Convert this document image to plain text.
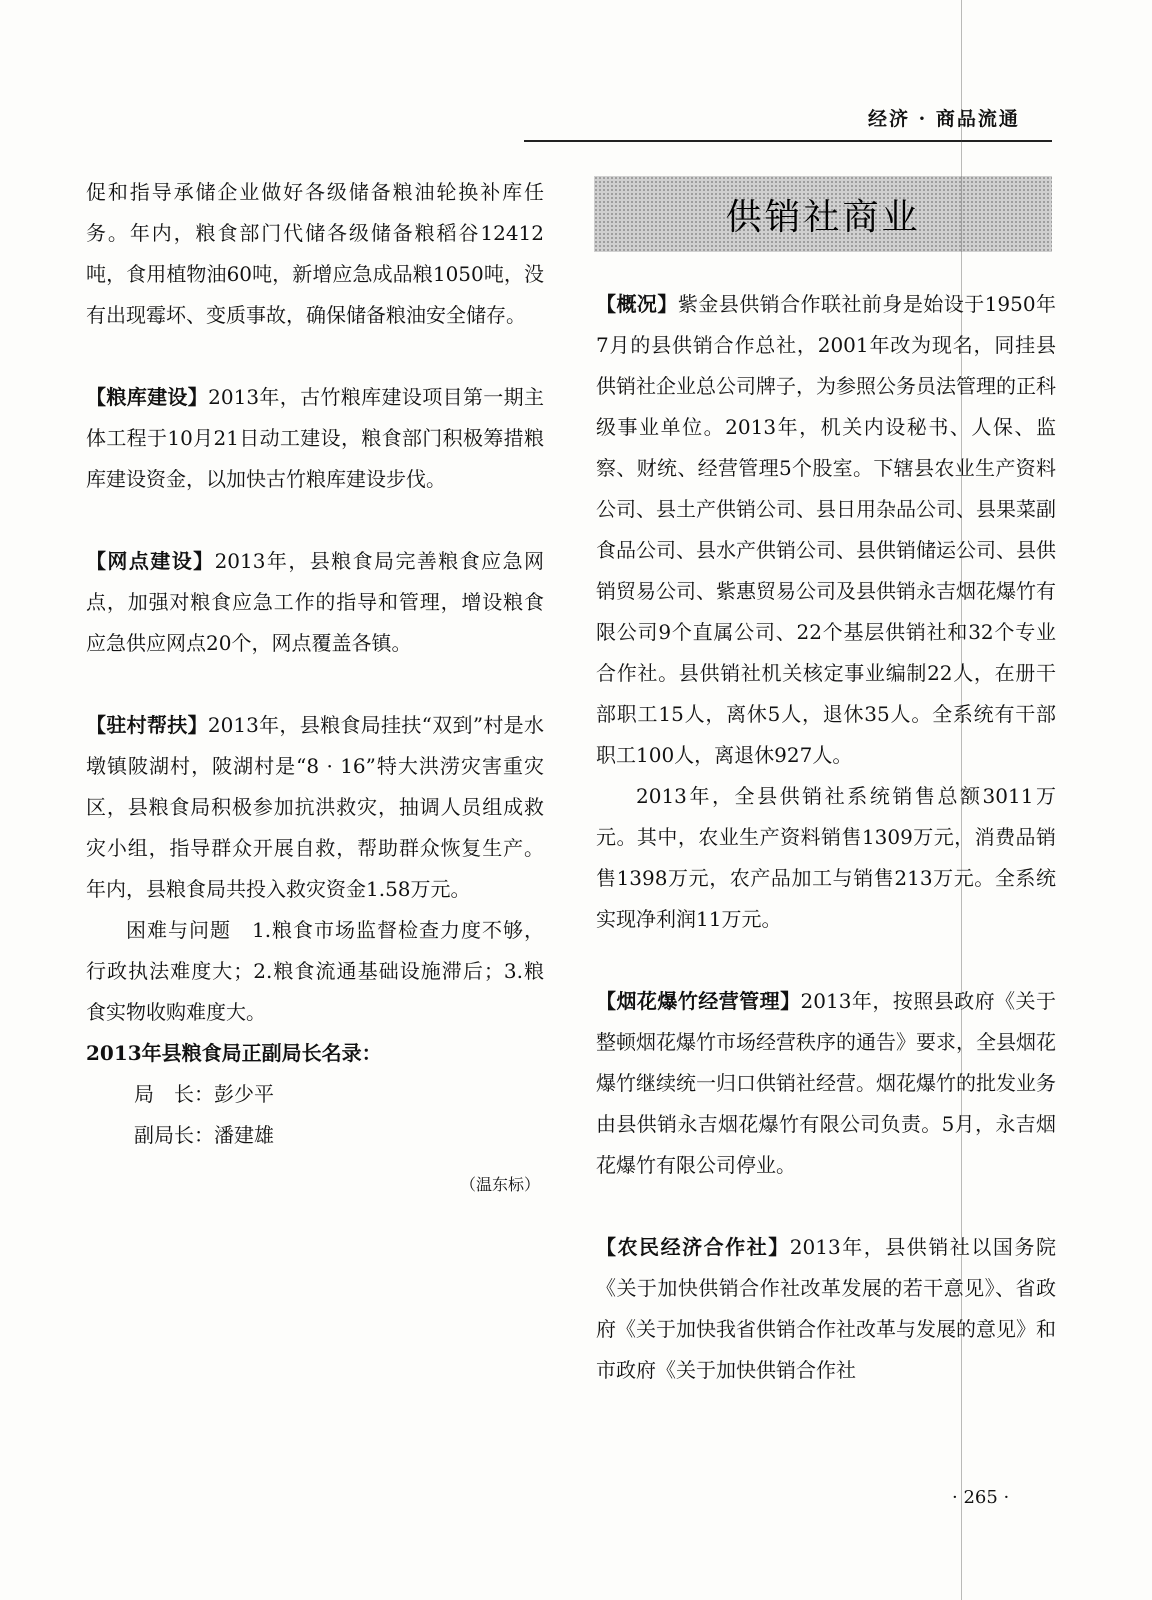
经济 · 商品流通

促和指导承储企业做好各级储备粮油轮换补库任务。年内，粮食部门代储各级储备粮稻谷12412吨，食用植物油60吨，新增应急成品粮1050吨，没有出现霉坏、变质事故，确保储备粮油安全储存。

【粮库建设】2013年，古竹粮库建设项目第一期主体工程于10月21日动工建设，粮食部门积极筹措粮库建设资金，以加快古竹粮库建设步伐。

【网点建设】2013年，县粮食局完善粮食应急网点，加强对粮食应急工作的指导和管理，增设粮食应急供应网点20个，网点覆盖各镇。

【驻村帮扶】2013年，县粮食局挂扶“双到”村是水墩镇陂湖村，陂湖村是“8 · 16”特大洪涝灾害重灾区，县粮食局积极参加抗洪救灾，抽调人员组成救灾小组，指导群众开展自救，帮助群众恢复生产。年内，县粮食局共投入救灾资金1.58万元。

困难与问题　 1.粮食市场监督检查力度不够，行政执法难度大；2.粮食流通基础设施滞后；3.粮食实物收购难度大。

2013年县粮食局正副局长名录：

局　长：彭少平

副局长：潘建雄

（温东标）

供销社商业

【概况】紫金县供销合作联社前身是始设于1950年7月的县供销合作总社，2001年改为现名，同挂县供销社企业总公司牌子，为参照公务员法管理的正科级事业单位。2013年，机关内设秘书、人保、监察、财统、经营管理5个股室。下辖县农业生产资料公司、县土产供销公司、县日用杂品公司、县果菜副食品公司、县水产供销公司、县供销储运公司、县供销贸易公司、紫惠贸易公司及县供销永吉烟花爆竹有限公司9个直属公司、22个基层供销社和32个专业合作社。县供销社机关核定事业编制22人，在册干部职工15人，离休5人，退休35人。全系统有干部职工100人，离退休927人。

2013年，全县供销社系统销售总额3011万元。其中，农业生产资料销售1309万元，消费品销售1398万元，农产品加工与销售213万元。全系统实现净利润11万元。

【烟花爆竹经营管理】2013年，按照县政府《关于整顿烟花爆竹市场经营秩序的通告》要求，全县烟花爆竹继续统一归口供销社经营。烟花爆竹的批发业务由县供销永吉烟花爆竹有限公司负责。5月，永吉烟花爆竹有限公司停业。

【农民经济合作社】2013年，县供销社以国务院《关于加快供销合作社改革发展的若干意见》、省政府《关于加快我省供销合作社改革与发展的意见》和市政府《关于加快供销合作社

· 265 ·
